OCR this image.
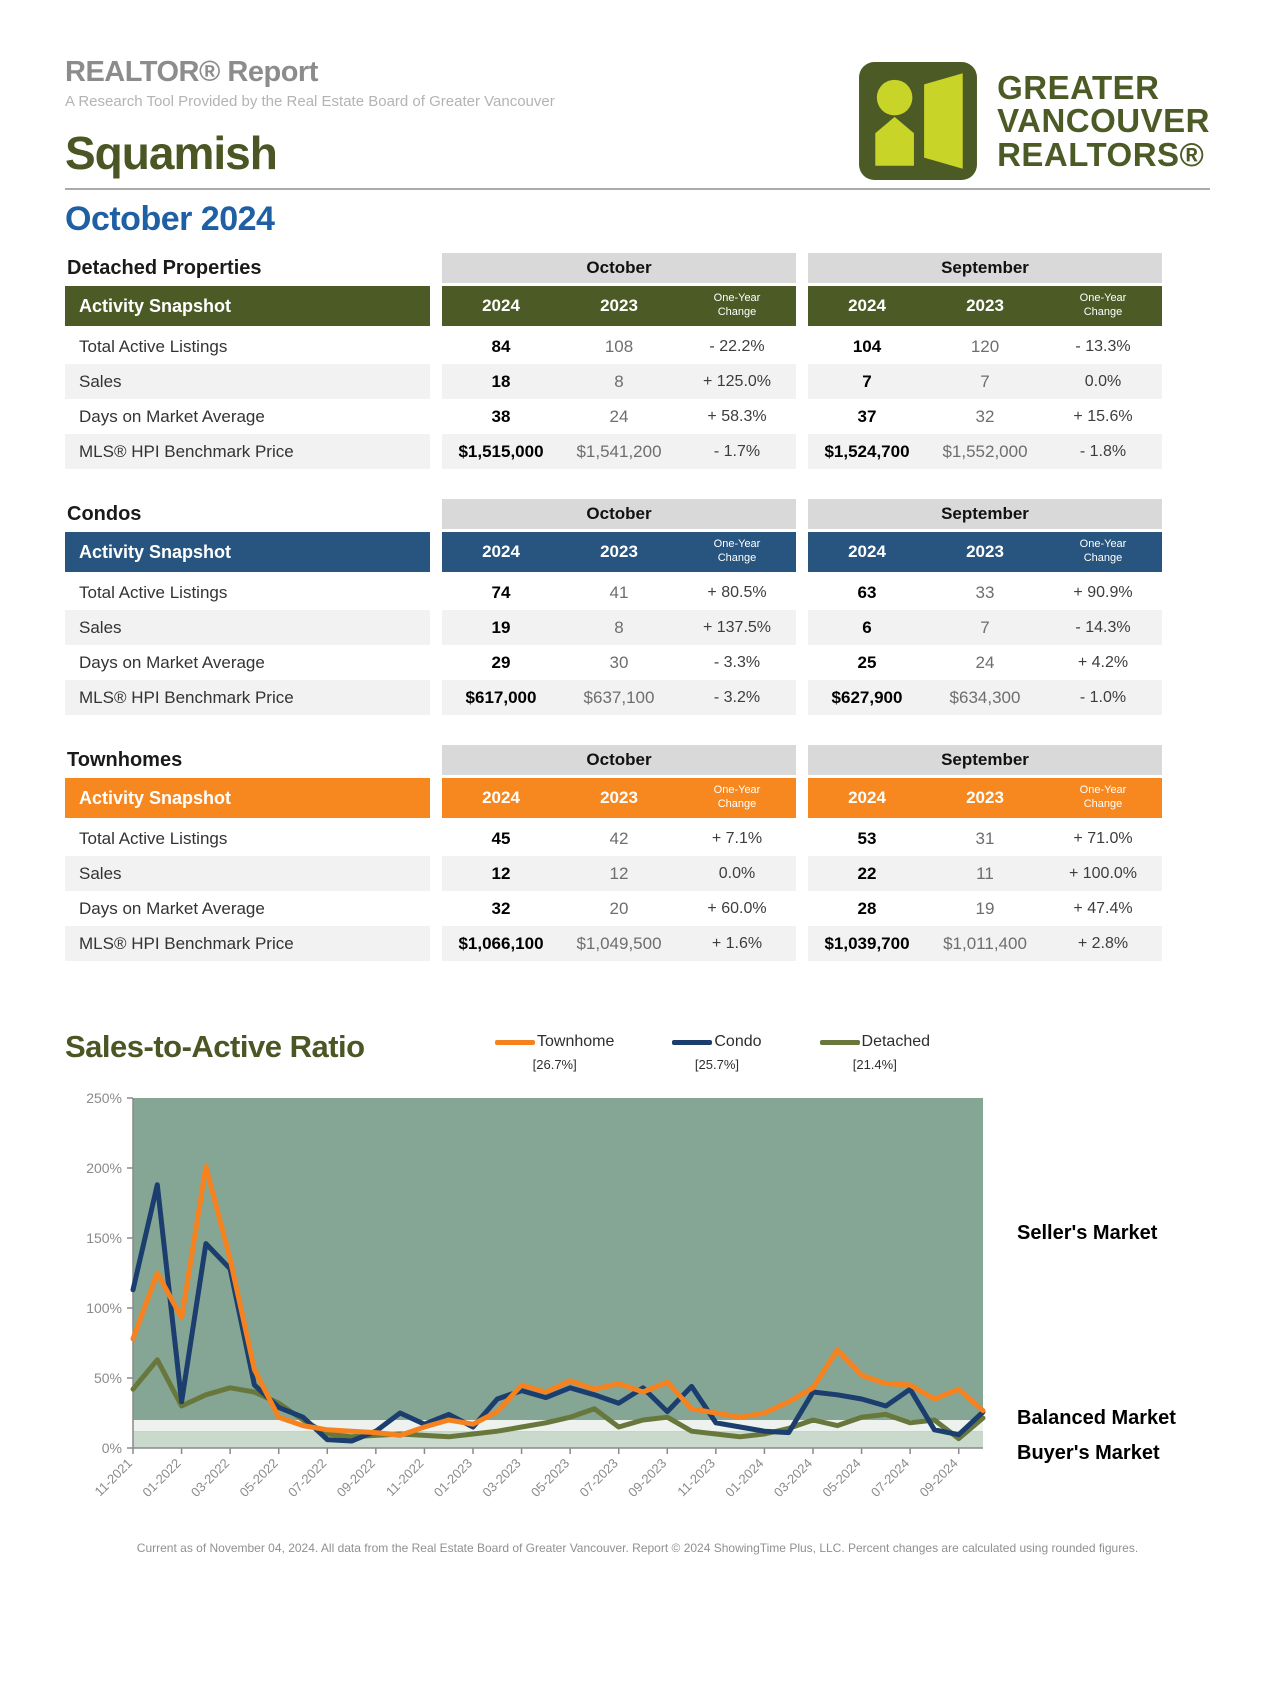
REALTOR® Report
A Research Tool Provided by the Real Estate Board of Greater Vancouver
Squamish
October 2024
GREATER
VANCOUVER
REALTORS®
Detached Properties	October	September
Activity Snapshot	2024	2023	One-Year Change	2024	2023	One-Year Change
Total Active Listings	84	108	- 22.2%	104	120	- 13.3%
Sales	18	8	+ 125.0%	7	7	0.0%
Days on Market Average	38	24	+ 58.3%	37	32	+ 15.6%
MLS® HPI Benchmark Price	$1,515,000	$1,541,200	- 1.7%	$1,524,700	$1,552,000	- 1.8%
Condos	October	September
Activity Snapshot	2024	2023	One-Year Change	2024	2023	One-Year Change
Total Active Listings	74	41	+ 80.5%	63	33	+ 90.9%
Sales	19	8	+ 137.5%	6	7	- 14.3%
Days on Market Average	29	30	- 3.3%	25	24	+ 4.2%
MLS® HPI Benchmark Price	$617,000	$637,100	- 3.2%	$627,900	$634,300	- 1.0%
Townhomes	October	September
Activity Snapshot	2024	2023	One-Year Change	2024	2023	One-Year Change
Total Active Listings	45	42	+ 7.1%	53	31	+ 71.0%
Sales	12	12	0.0%	22	11	+ 100.0%
Days on Market Average	32	20	+ 60.0%	28	19	+ 47.4%
MLS® HPI Benchmark Price	$1,066,100	$1,049,500	+ 1.6%	$1,039,700	$1,011,400	+ 2.8%
Sales-to-Active Ratio	Townhome
[26.7%]
Condo
[25.7%]
Detached
[21.4%]
0%
50%
100%
150%
200%
250%
11-2021 01-2022 03-2022 05-2022 07-2022 09-2022 11-2022 01-2023 03-2023 05-2023 07-2023 09-2023 11-2023 01-2024 03-2024 05-2024 07-2024 09-2024
Seller's Market
Balanced Market
Buyer's Market
Current as of November 04, 2024. All data from the Real Estate Board of Greater Vancouver. Report © 2024 ShowingTime Plus, LLC. Percent changes are calculated using rounded figures.
